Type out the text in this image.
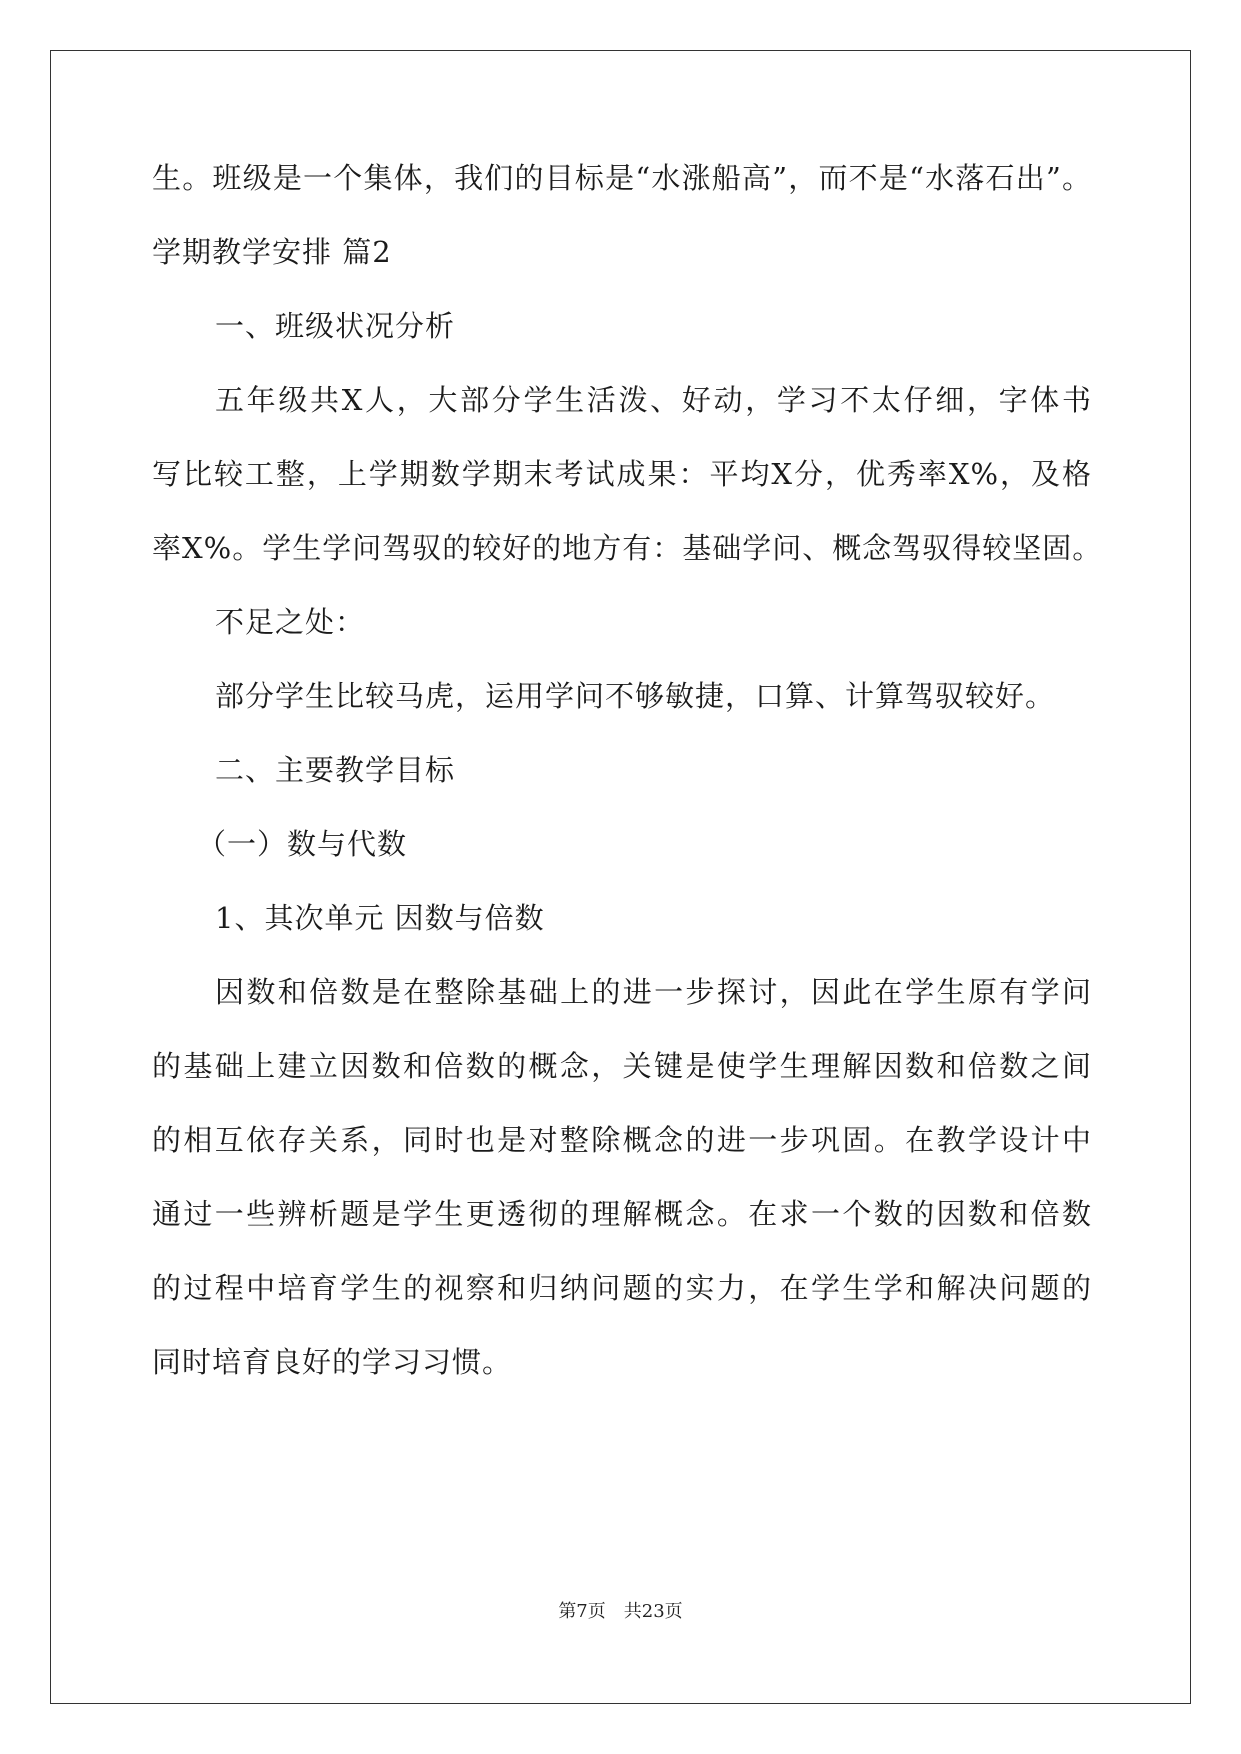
生。班级是一个集体，我们的目标是“水涨船高”，而不是“水落石出”。
学期教学安排 篇2
一、班级状况分析
五年级共X人，大部分学生活泼、好动，学习不太仔细，字体书
写比较工整，上学期数学期末考试成果：平均X分，优秀率X%，及格
率X%。学生学问驾驭的较好的地方有：基础学问、概念驾驭得较坚固。
不足之处：
部分学生比较马虎，运用学问不够敏捷，口算、计算驾驭较好。
二、主要教学目标
（一）数与代数
1、其次单元 因数与倍数
因数和倍数是在整除基础上的进一步探讨，因此在学生原有学问
的基础上建立因数和倍数的概念，关键是使学生理解因数和倍数之间
的相互依存关系，同时也是对整除概念的进一步巩固。在教学设计中
通过一些辨析题是学生更透彻的理解概念。在求一个数的因数和倍数
的过程中培育学生的视察和归纳问题的实力，在学生学和解决问题的
同时培育良好的学习习惯。
第7页　共23页
